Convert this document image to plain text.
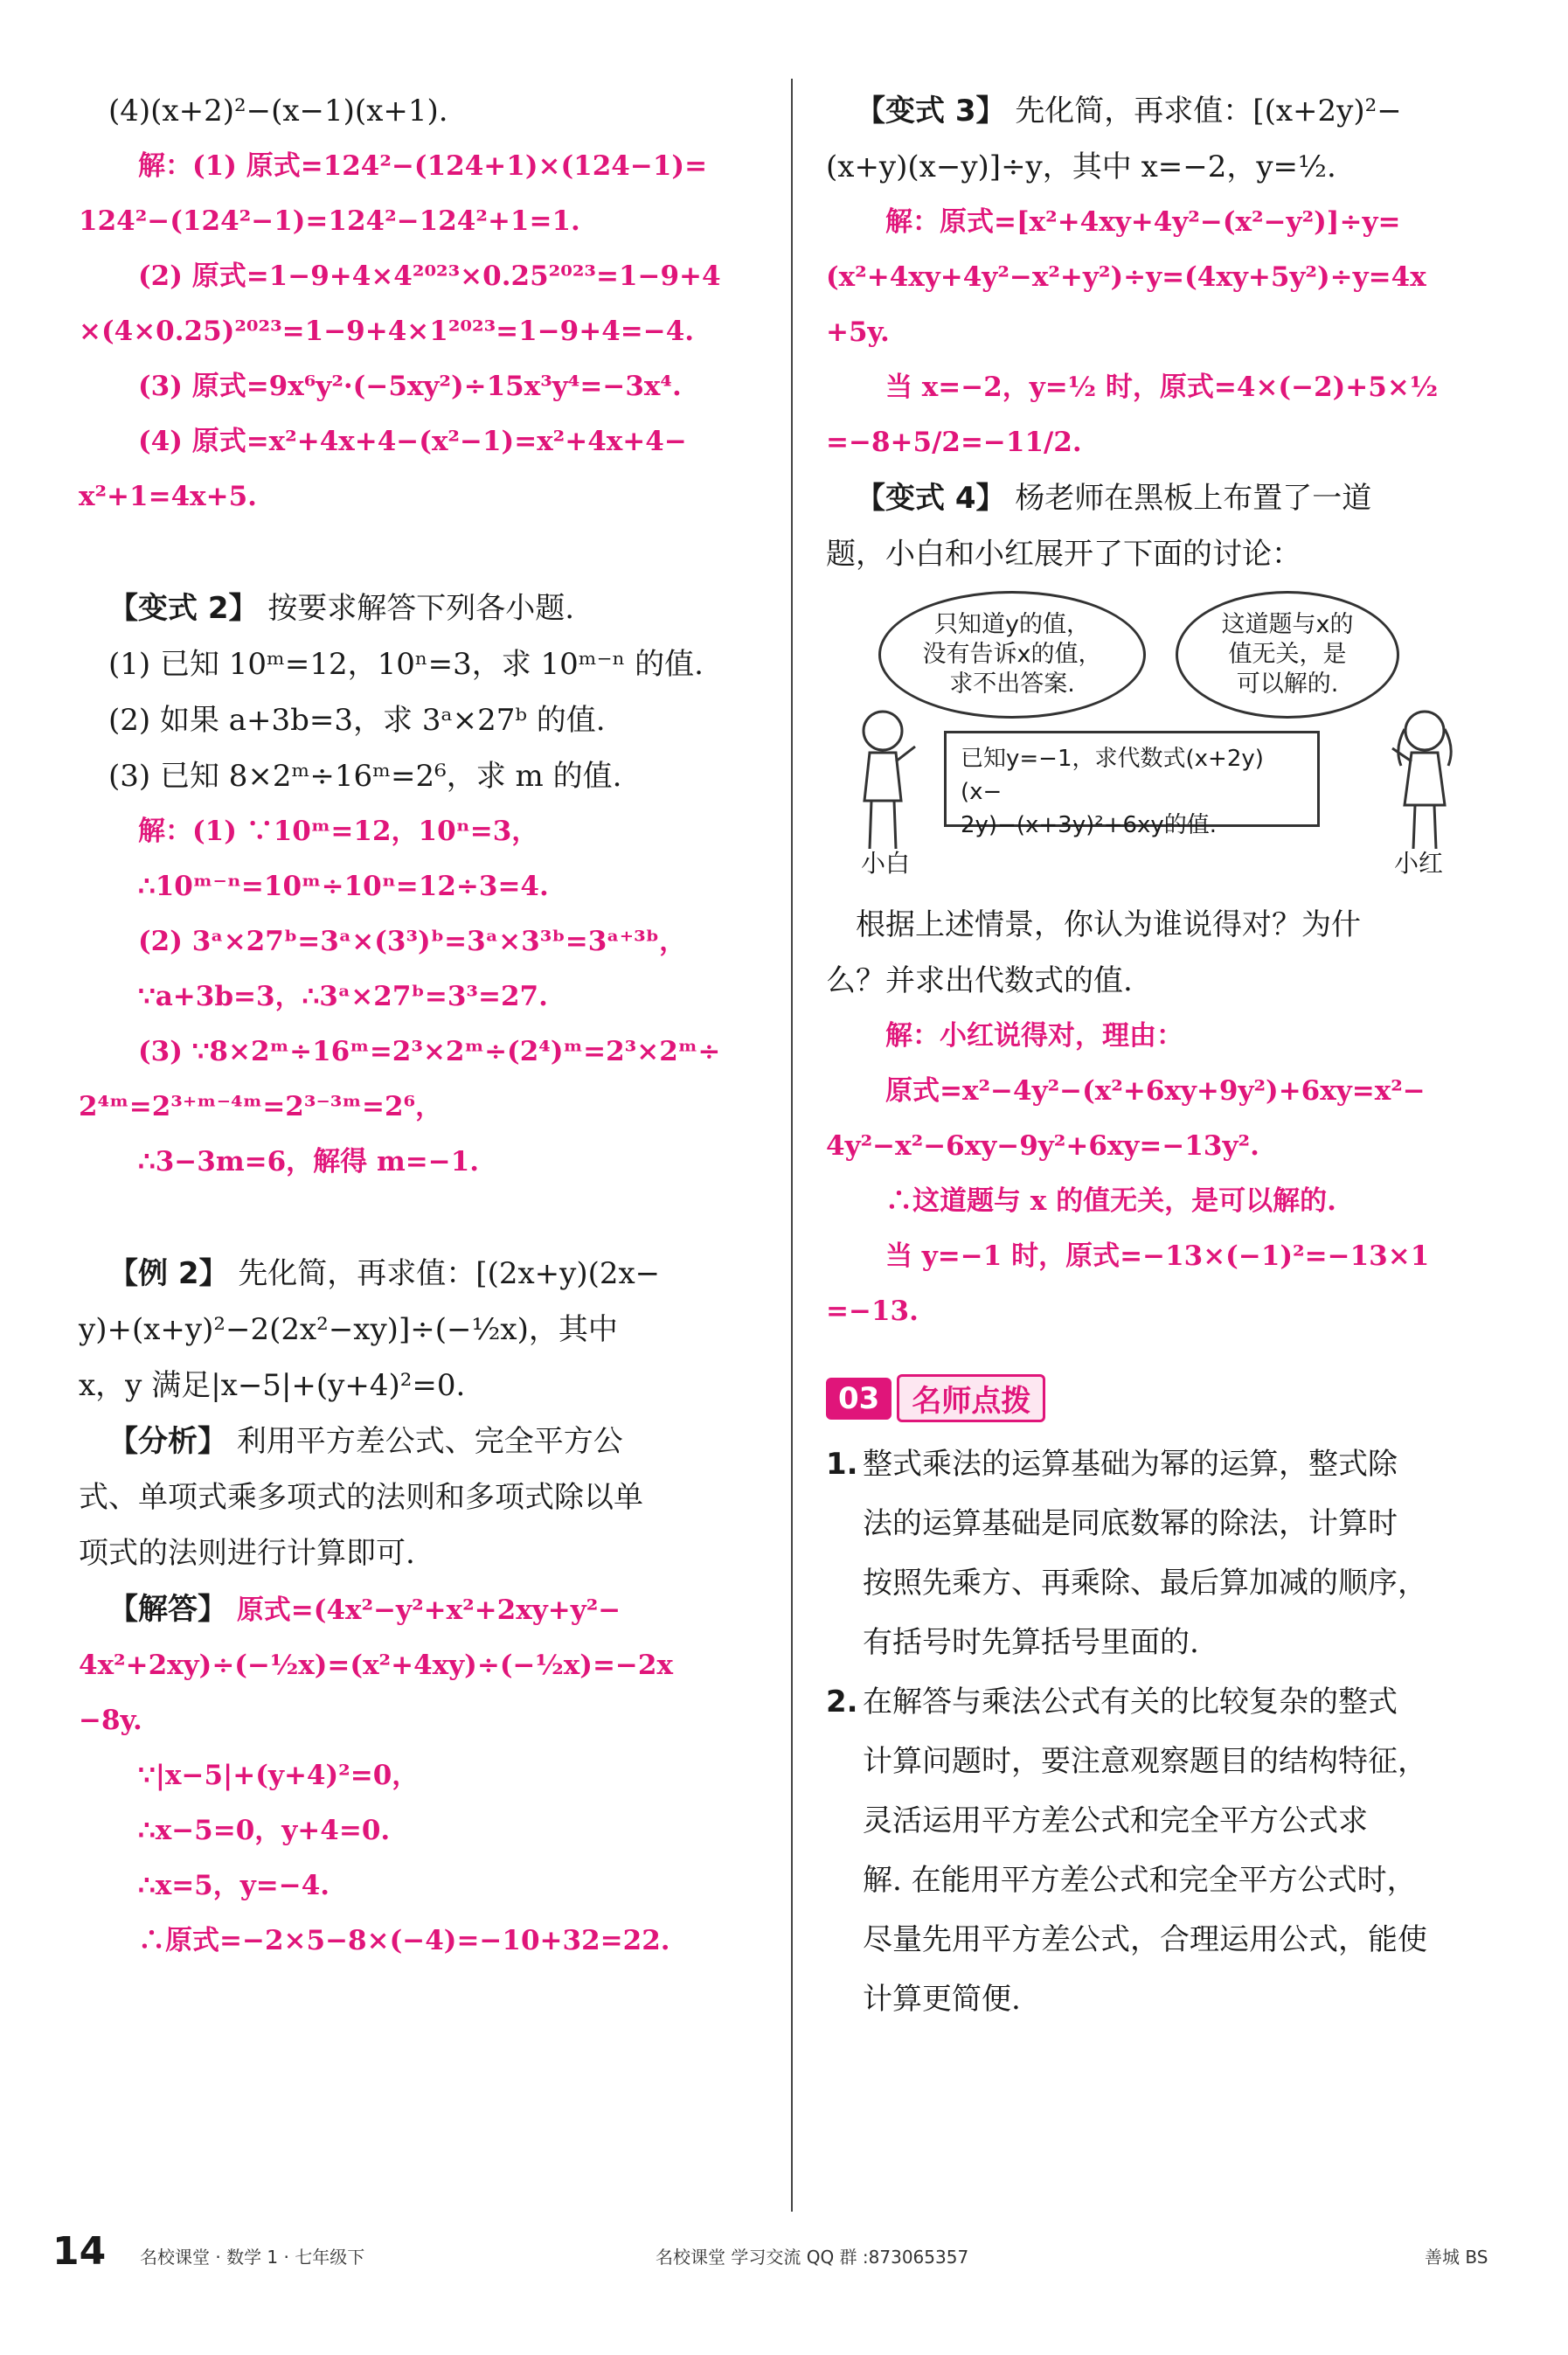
(4)(x+2)²−(x−1)(x+1).
解：(1) 原式=124²−(124+1)×(124−1)=
124²−(124²−1)=124²−124²+1=1.
(2) 原式=1−9+4×4²⁰²³×0.25²⁰²³=1−9+4
×(4×0.25)²⁰²³=1−9+4×1²⁰²³=1−9+4=−4.
(3) 原式=9x⁶y²·(−5xy²)÷15x³y⁴=−3x⁴.
(4) 原式=x²+4x+4−(x²−1)=x²+4x+4−
x²+1=4x+5.
【变式 2】 按要求解答下列各小题.
(1) 已知 10ᵐ=12，10ⁿ=3，求 10ᵐ⁻ⁿ 的值.
(2) 如果 a+3b=3，求 3ᵃ×27ᵇ 的值.
(3) 已知 8×2ᵐ÷16ᵐ=2⁶，求 m 的值.
解：(1) ∵10ᵐ=12，10ⁿ=3，
∴10ᵐ⁻ⁿ=10ᵐ÷10ⁿ=12÷3=4.
(2) 3ᵃ×27ᵇ=3ᵃ×(3³)ᵇ=3ᵃ×3³ᵇ=3ᵃ⁺³ᵇ，
∵a+3b=3，∴3ᵃ×27ᵇ=3³=27.
(3) ∵8×2ᵐ÷16ᵐ=2³×2ᵐ÷(2⁴)ᵐ=2³×2ᵐ÷
2⁴ᵐ=2³⁺ᵐ⁻⁴ᵐ=2³⁻³ᵐ=2⁶，
∴3−3m=6，解得 m=−1.
【例 2】 先化简，再求值：[(2x+y)(2x−
y)+(x+y)²−2(2x²−xy)]÷(−½x)，其中
x，y 满足|x−5|+(y+4)²=0.
【分析】 利用平方差公式、完全平方公
式、单项式乘多项式的法则和多项式除以单
项式的法则进行计算即可.
【解答】 原式=(4x²−y²+x²+2xy+y²−
4x²+2xy)÷(−½x)=(x²+4xy)÷(−½x)=−2x
−8y.
∵|x−5|+(y+4)²=0，
∴x−5=0，y+4=0.
∴x=5，y=−4.
∴原式=−2×5−8×(−4)=−10+32=22.
【变式 3】 先化简，再求值：[(x+2y)²−
(x+y)(x−y)]÷y，其中 x=−2，y=½.
解：原式=[x²+4xy+4y²−(x²−y²)]÷y=
(x²+4xy+4y²−x²+y²)÷y=(4xy+5y²)÷y=4x
+5y.
当 x=−2，y=½ 时，原式=4×(−2)+5×½
=−8+5/2=−11/2.
【变式 4】 杨老师在黑板上布置了一道
题，小白和小红展开了下面的讨论：
只知道y的值，
没有告诉x的值，
求不出答案.
这道题与x的
值无关，是
可以解的.
已知y=−1，求代数式(x+2y)(x−
2y)−(x+3y)²+6xy的值.
小白	小红
根据上述情景，你认为谁说得对？为什
么？并求出代数式的值.
解：小红说得对，理由：
原式=x²−4y²−(x²+6xy+9y²)+6xy=x²−
4y²−x²−6xy−9y²+6xy=−13y².
∴这道题与 x 的值无关，是可以解的.
当 y=−1 时，原式=−13×(−1)²=−13×1
=−13.
03	名师点拨
1. 整式乘法的运算基础为幂的运算，整式除
法的运算基础是同底数幂的除法，计算时
按照先乘方、再乘除、最后算加减的顺序，
有括号时先算括号里面的.
2. 在解答与乘法公式有关的比较复杂的整式
计算问题时，要注意观察题目的结构特征，
灵活运用平方差公式和完全平方公式求
解. 在能用平方差公式和完全平方公式时，
尽量先用平方差公式，合理运用公式，能使
计算更简便.
14 名校课堂 · 数学 1 · 七年级下	名校课堂 学习交流 QQ 群 :873065357	善城 BS
